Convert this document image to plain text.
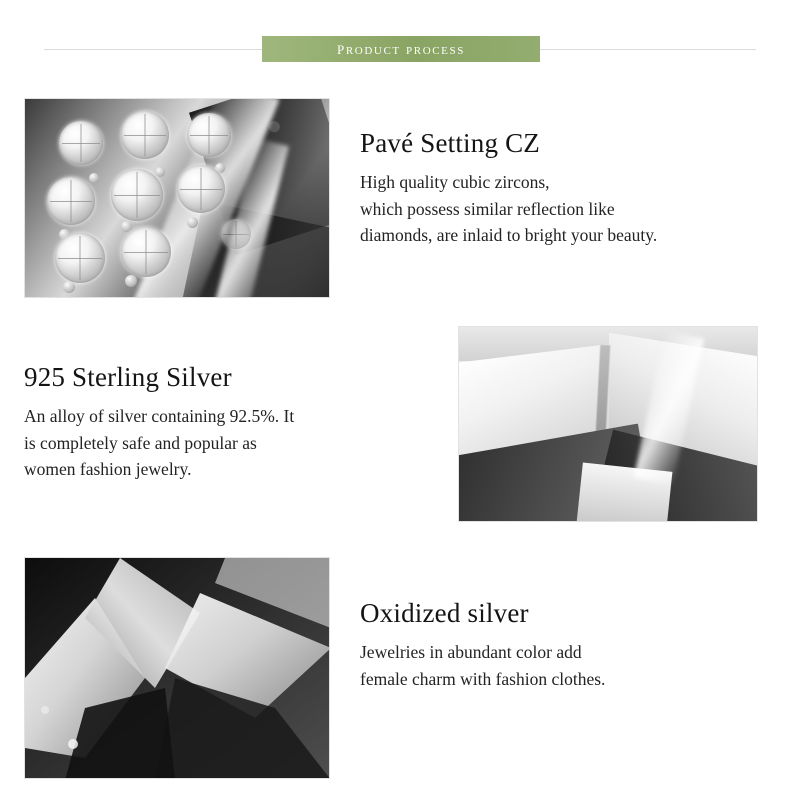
product process
Pavé Setting CZ
High quality cubic zircons,
which possess similar reflection like
diamonds, are inlaid to bright your beauty.
925 Sterling Silver
An alloy of silver containing 92.5%. It
is completely safe and popular as
women fashion jewelry.
Oxidized silver
Jewelries in abundant color add
female charm with fashion clothes.
